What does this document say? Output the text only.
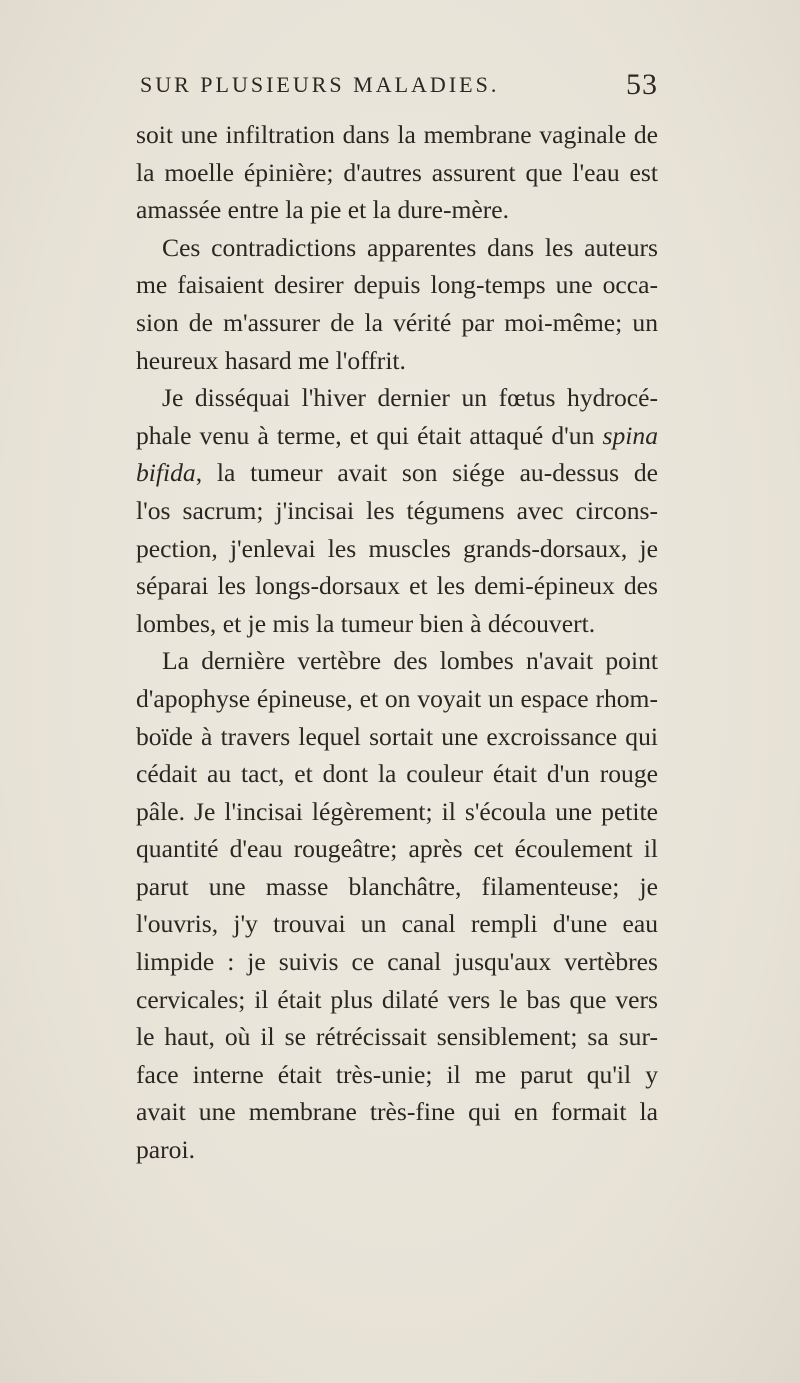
SUR PLUSIEURS MALADIES.	53
soit une infiltration dans la membrane vaginale de
la moelle épinière; d'autres assurent que l'eau est
amassée entre la pie et la dure-mère.
Ces contradictions apparentes dans les auteurs
me faisaient desirer depuis long-temps une occa-
sion de m'assurer de la vérité par moi-même; un
heureux hasard me l'offrit.
Je disséquai l'hiver dernier un fœtus hydrocé-
phale venu à terme, et qui était attaqué d'un spina
bifida, la tumeur avait son siége au-dessus de
l'os sacrum; j'incisai les tégumens avec circons-
pection, j'enlevai les muscles grands-dorsaux, je
séparai les longs-dorsaux et les demi-épineux des
lombes, et je mis la tumeur bien à découvert.
La dernière vertèbre des lombes n'avait point
d'apophyse épineuse, et on voyait un espace rhom-
boïde à travers lequel sortait une excroissance qui
cédait au tact, et dont la couleur était d'un rouge
pâle. Je l'incisai légèrement; il s'écoula une petite
quantité d'eau rougeâtre; après cet écoulement il
parut une masse blanchâtre, filamenteuse; je
l'ouvris, j'y trouvai un canal rempli d'une eau
limpide : je suivis ce canal jusqu'aux vertèbres
cervicales; il était plus dilaté vers le bas que vers
le haut, où il se rétrécissait sensiblement; sa sur-
face interne était très-unie; il me parut qu'il y
avait une membrane très-fine qui en formait la
paroi.
